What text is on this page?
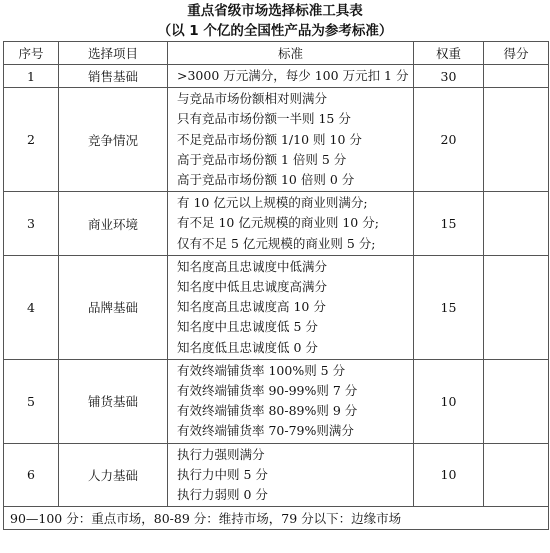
重点省级市场选择标准工具表
（以 1 个亿的全国性产品为参考标准）
序号	选择项目	标准	权重	得分
1	销售基础	>3000 万元满分，每少 100 万元扣 1 分	30	
2	竞争情况	与竞品市场份额相对则满分
只有竞品市场份额一半则 15 分
不足竞品市场份额 1/10 则 10 分
高于竞品市场份额 1 倍则 5 分
高于竞品市场份额 10 倍则 0 分	20	
3	商业环境	有 10 亿元以上规模的商业则满分;
有不足 10 亿元规模的商业则 10 分;
仅有不足 5 亿元规模的商业则 5 分;	15	
4	品牌基础	知名度高且忠诚度中低满分
知名度中低且忠诚度高满分
知名度高且忠诚度高 10 分
知名度中且忠诚度低 5 分
知名度低且忠诚度低 0 分	15	
5	铺货基础	有效终端铺货率 100%则 5 分
有效终端铺货率 90-99%则 7 分
有效终端铺货率 80-89%则 9 分
有效终端铺货率 70-79%则满分	10	
6	人力基础	执行力强则满分
执行力中则 5 分
执行力弱则 0 分	10	
90—100 分：重点市场，80-89 分：维持市场，79 分以下：边缘市场				
